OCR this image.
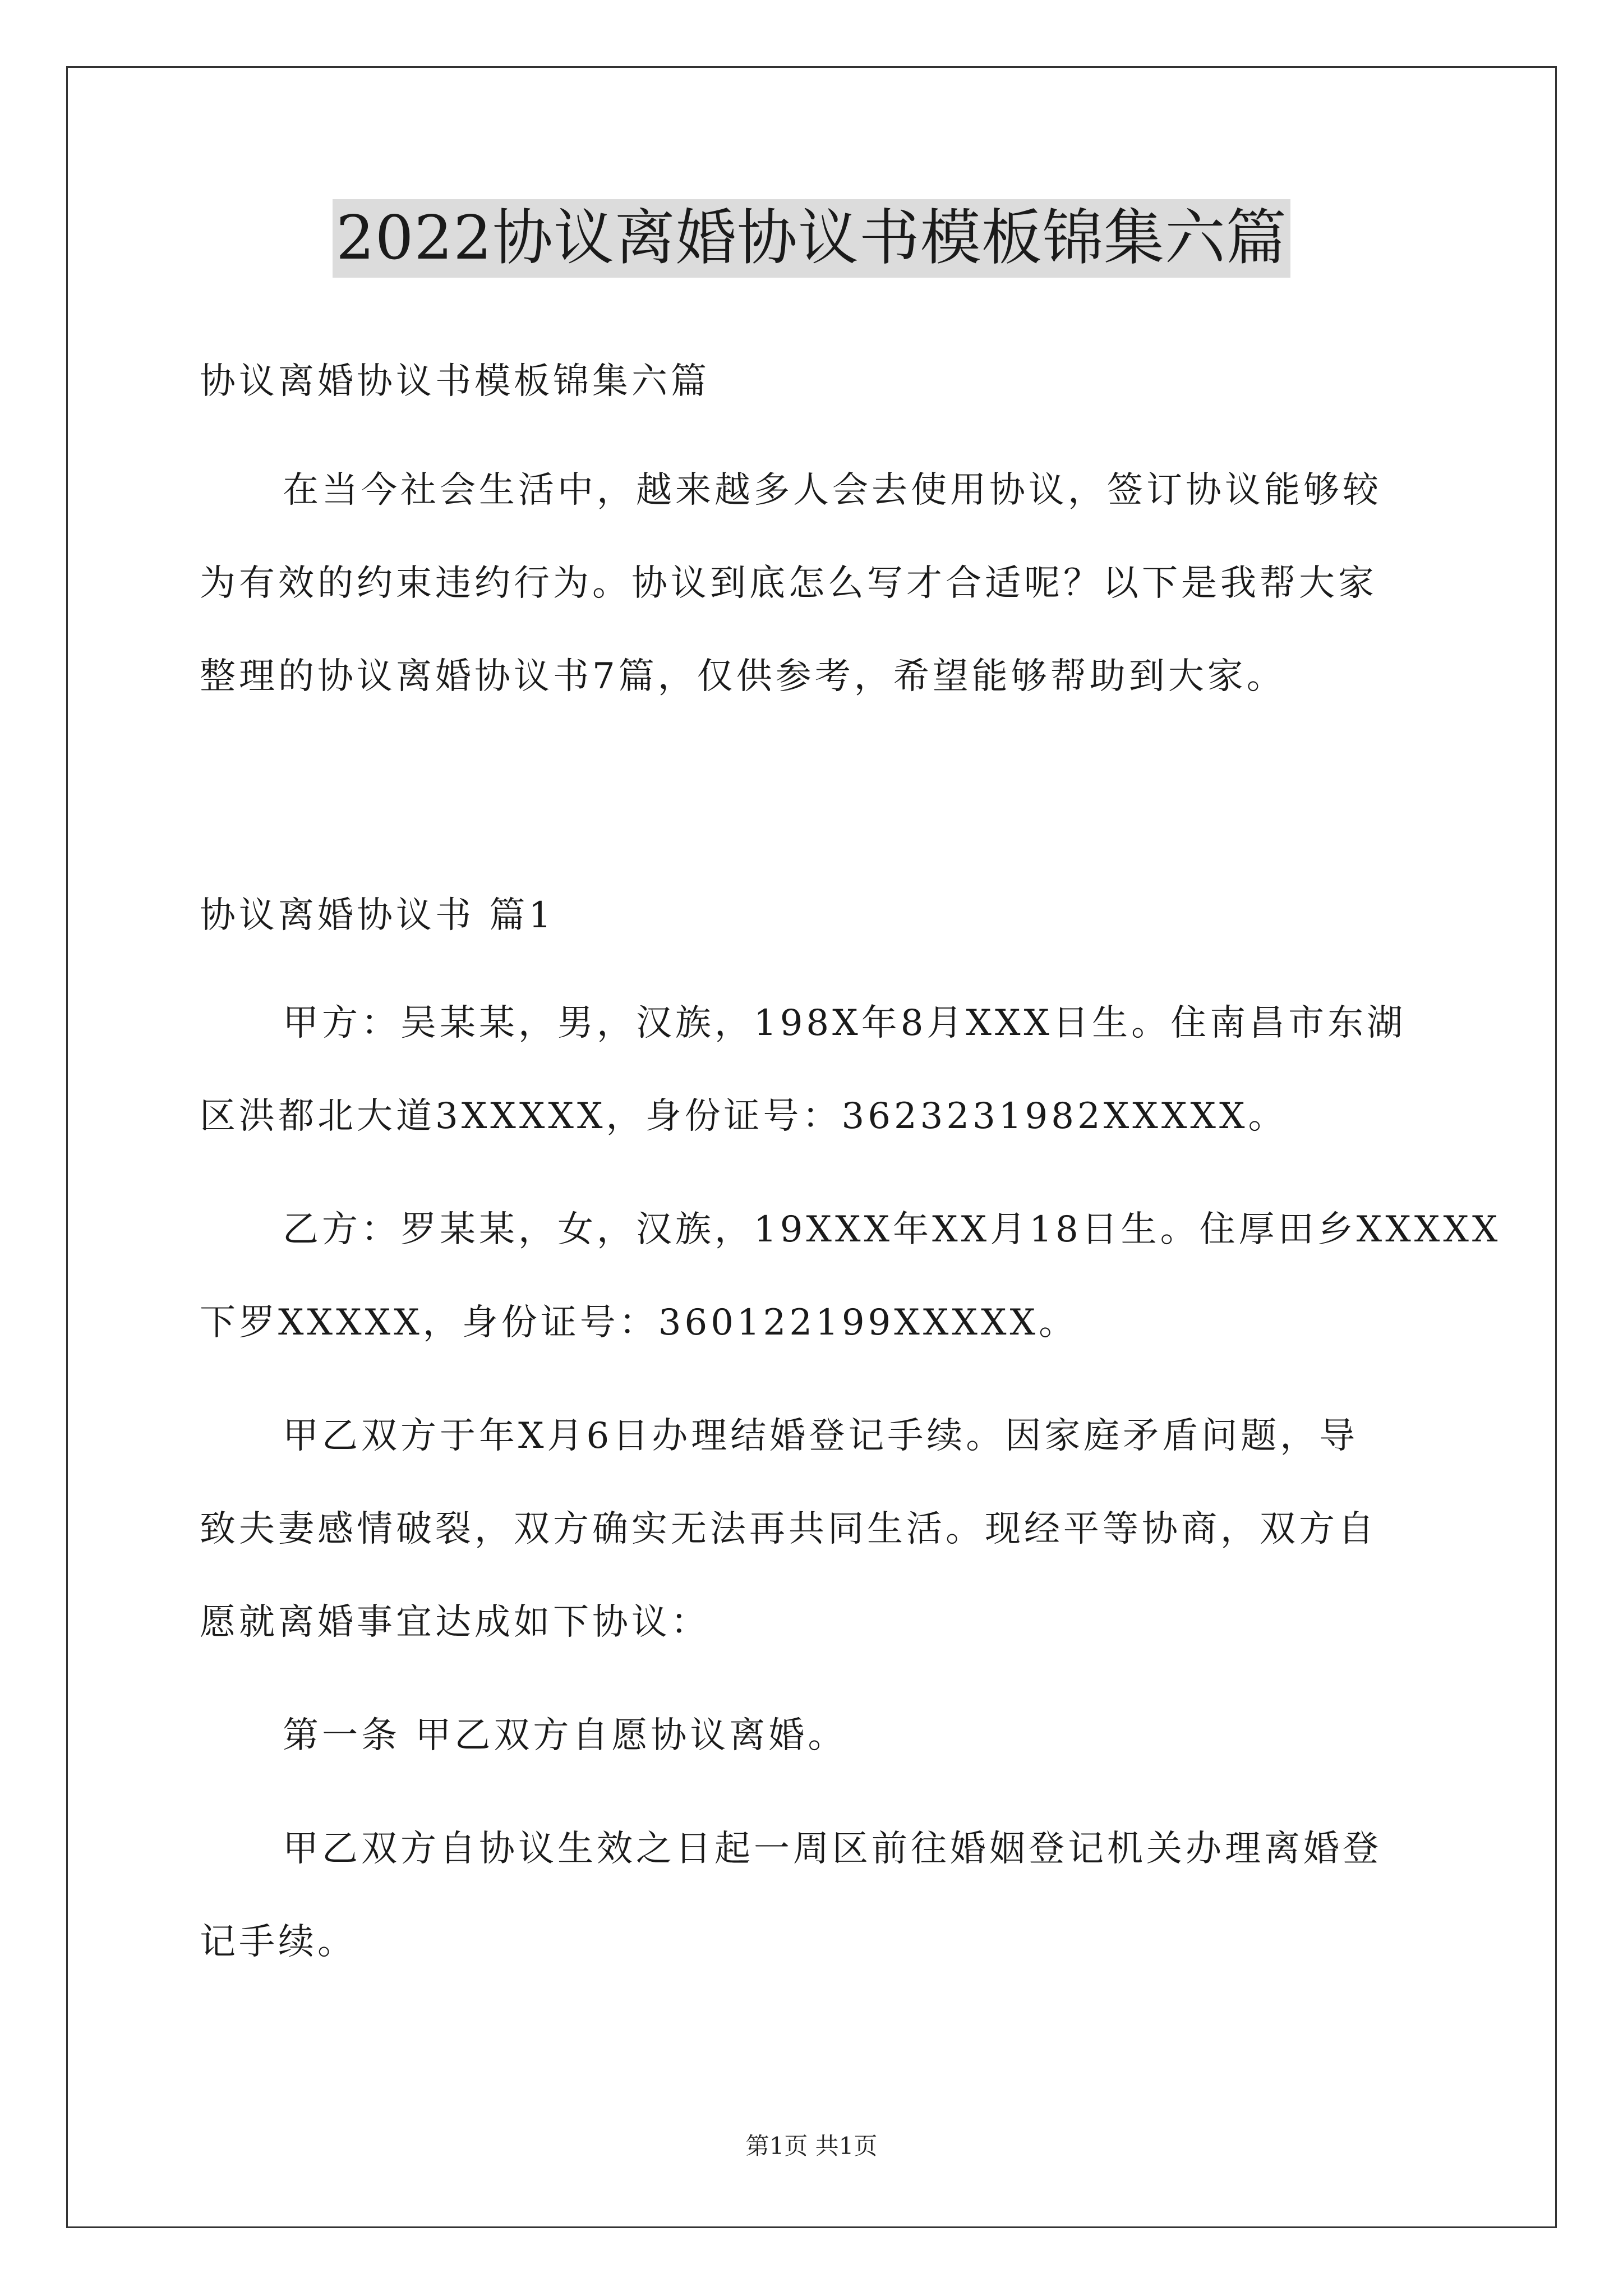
2022协议离婚协议书模板锦集六篇
协议离婚协议书模板锦集六篇
在当今社会生活中，越来越多人会去使用协议，签订协议能够较
为有效的约束违约行为。协议到底怎么写才合适呢？以下是我帮大家
整理的协议离婚协议书7篇，仅供参考，希望能够帮助到大家。
协议离婚协议书 篇1
甲方：吴某某，男，汉族，198X年8月XXX日生。住南昌市东湖
区洪都北大道3XXXXX，身份证号：3623231982XXXXX。
乙方：罗某某，女，汉族，19XXX年XX月18日生。住厚田乡XXXXX
下罗XXXXX，身份证号：360122199XXXXX。
甲乙双方于年X月6日办理结婚登记手续。因家庭矛盾问题，导
致夫妻感情破裂，双方确实无法再共同生活。现经平等协商，双方自
愿就离婚事宜达成如下协议：
第一条 甲乙双方自愿协议离婚。
甲乙双方自协议生效之日起一周区前往婚姻登记机关办理离婚登
记手续。
第1页 共1页
